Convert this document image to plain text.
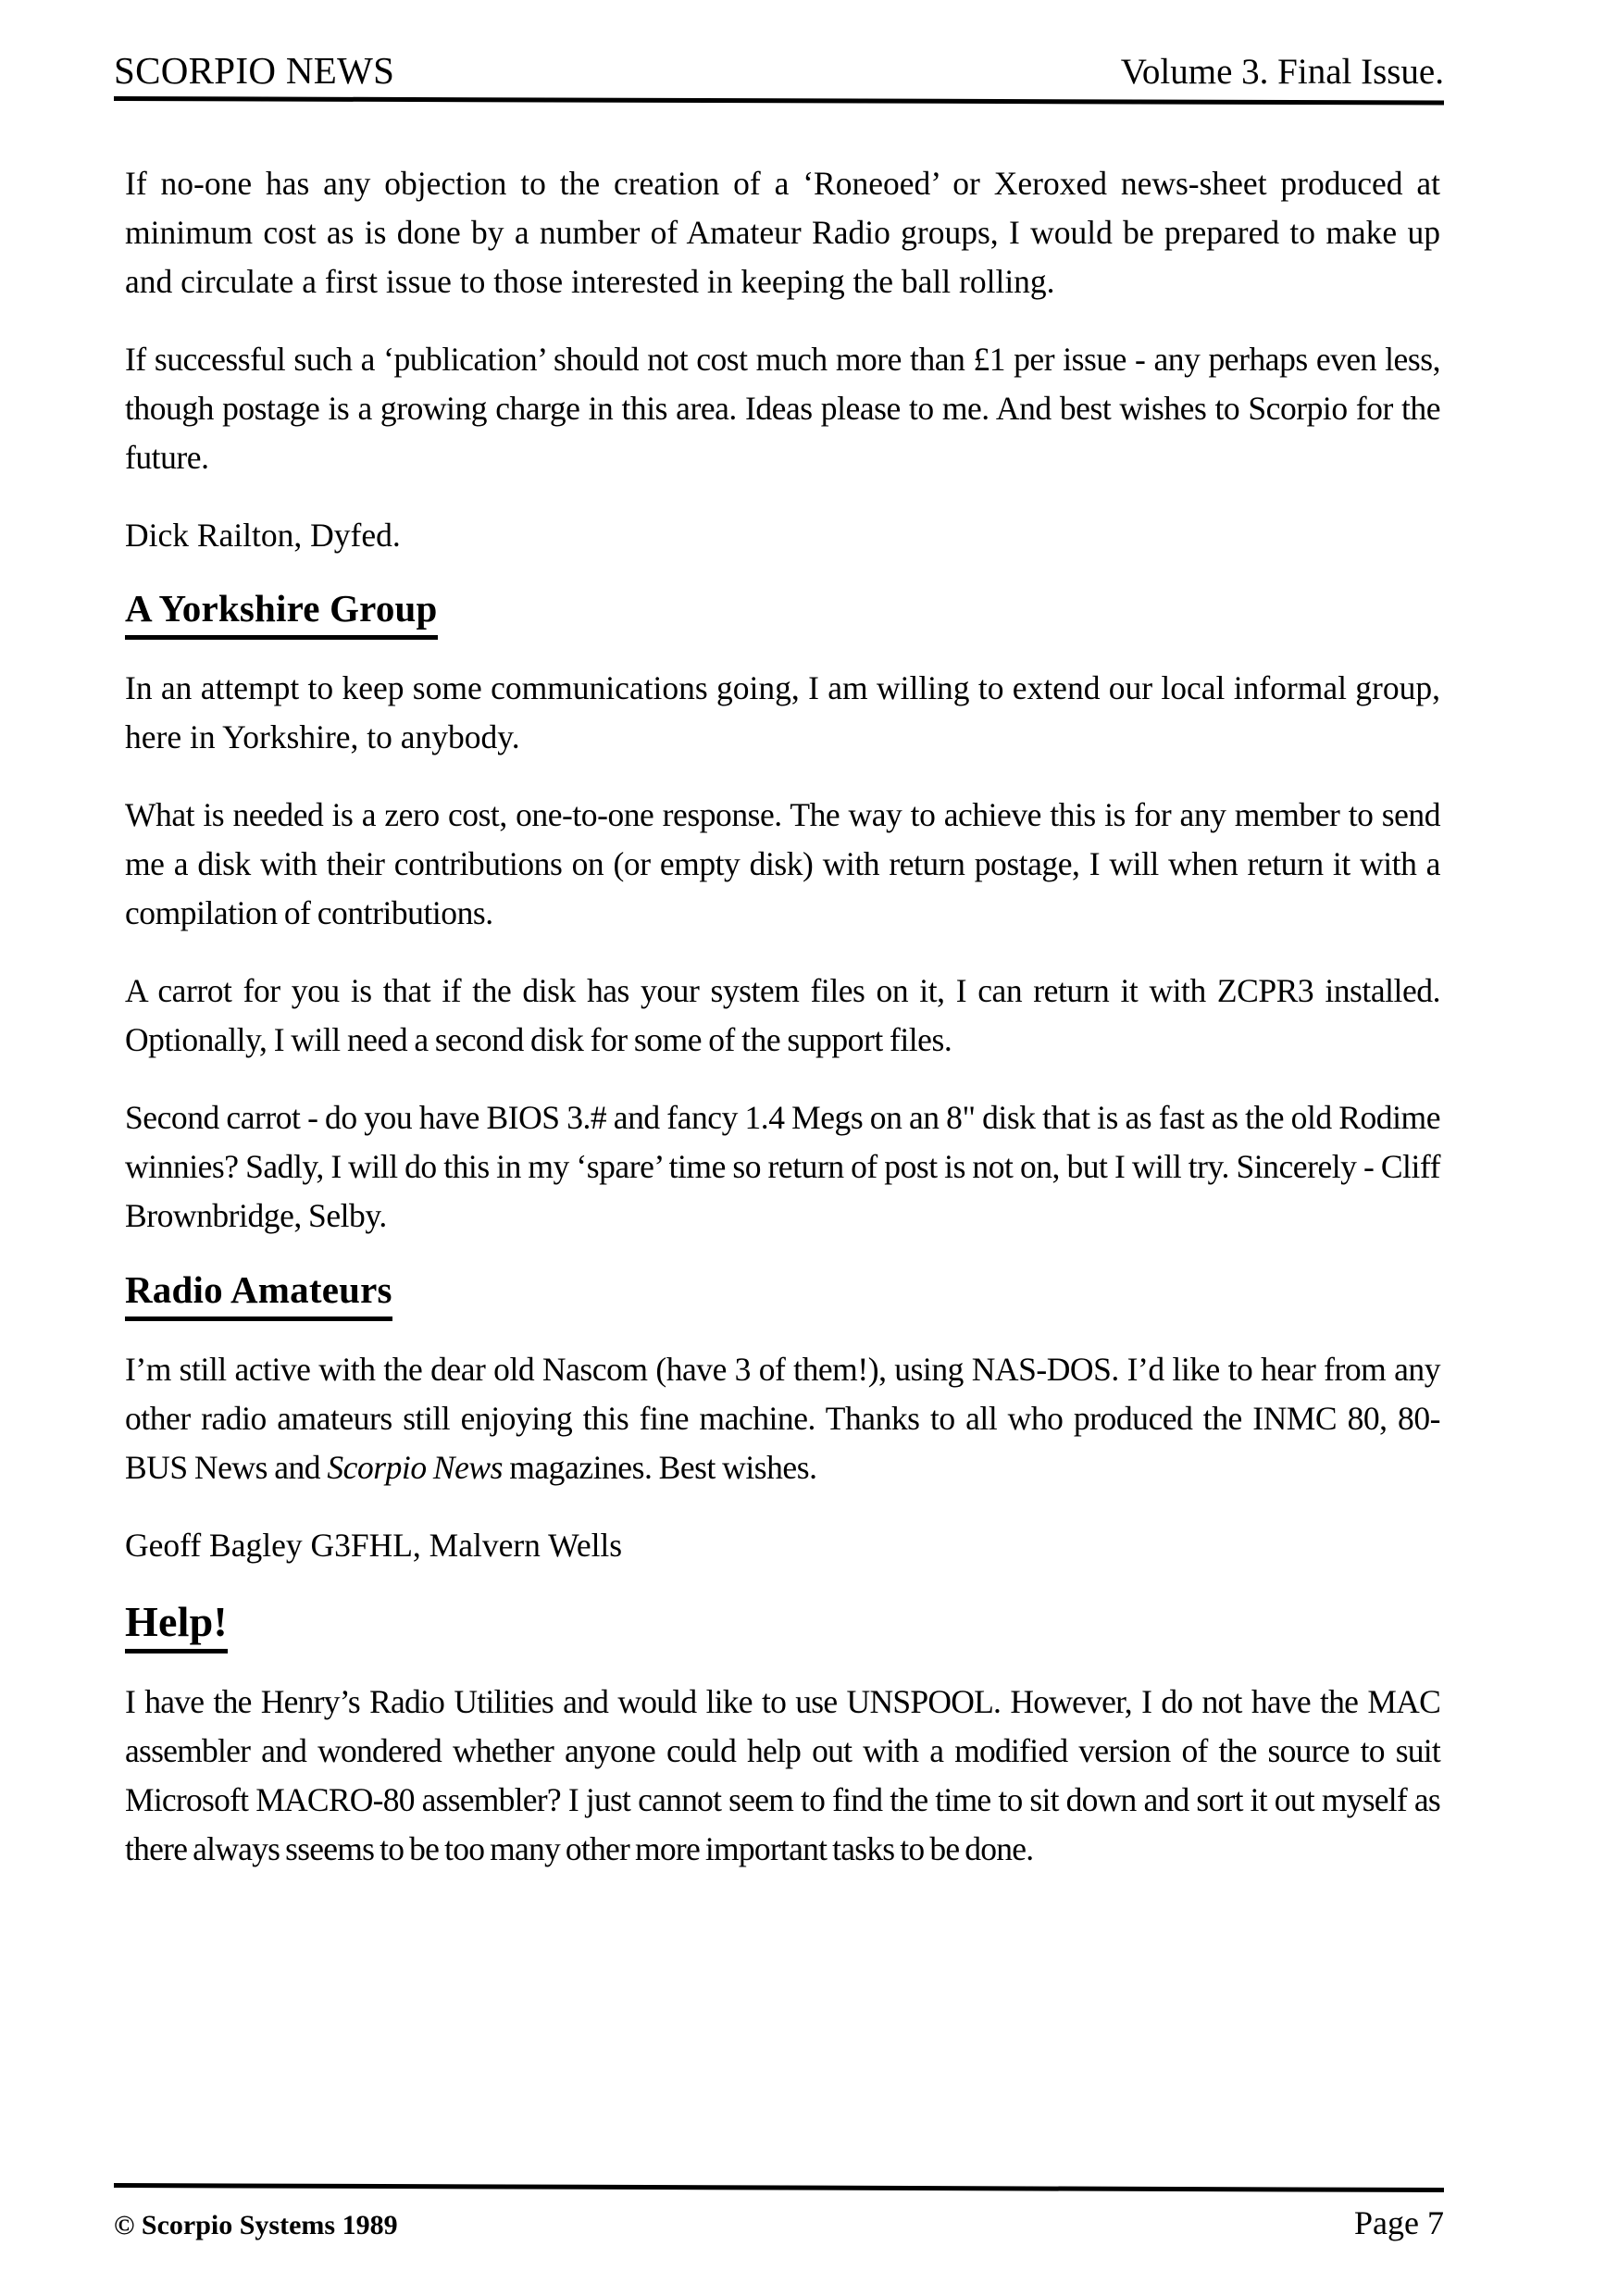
SCORPIO NEWS	Volume 3. Final Issue.

If no-one has any objection to the creation of a ‘Roneoed’ or Xeroxed news-sheet produced at minimum cost as is done by a number of Amateur Radio groups, I would be prepared to make up and circulate a first issue to those interested in keeping the ball rolling.

If successful such a ‘publication’ should not cost much more than £1 per issue - any perhaps even less, though postage is a growing charge in this area. Ideas please to me. And best wishes to Scorpio for the future.

Dick Railton, Dyfed.

A Yorkshire Group

In an attempt to keep some communications going, I am willing to extend our local informal group, here in Yorkshire, to anybody.

What is needed is a zero cost, one-to-one response. The way to achieve this is for any member to send me a disk with their contributions on (or empty disk) with return postage, I will when return it with a compilation of contributions.

A carrot for you is that if the disk has your system files on it, I can return it with ZCPR3 installed. Optionally, I will need a second disk for some of the support files.

Second carrot - do you have BIOS 3.# and fancy 1.4 Megs on an 8" disk that is as fast as the old Rodime winnies? Sadly, I will do this in my ‘spare’ time so return of post is not on, but I will try. Sincerely - Cliff Brownbridge, Selby.

Radio Amateurs

I’m still active with the dear old Nascom (have 3 of them!), using NAS-DOS. I’d like to hear from any other radio amateurs still enjoying this fine machine. Thanks to all who produced the INMC 80, 80-BUS News and Scorpio News magazines. Best wishes.

Geoff Bagley G3FHL, Malvern Wells

Help!

I have the Henry’s Radio Utilities and would like to use UNSPOOL. However, I do not have the MAC assembler and wondered whether anyone could help out with a modified version of the source to suit Microsoft MACRO-80 assembler? I just cannot seem to find the time to sit down and sort it out myself as there always sseems to be too many other more important tasks to be done.

© Scorpio Systems 1989	Page 7
